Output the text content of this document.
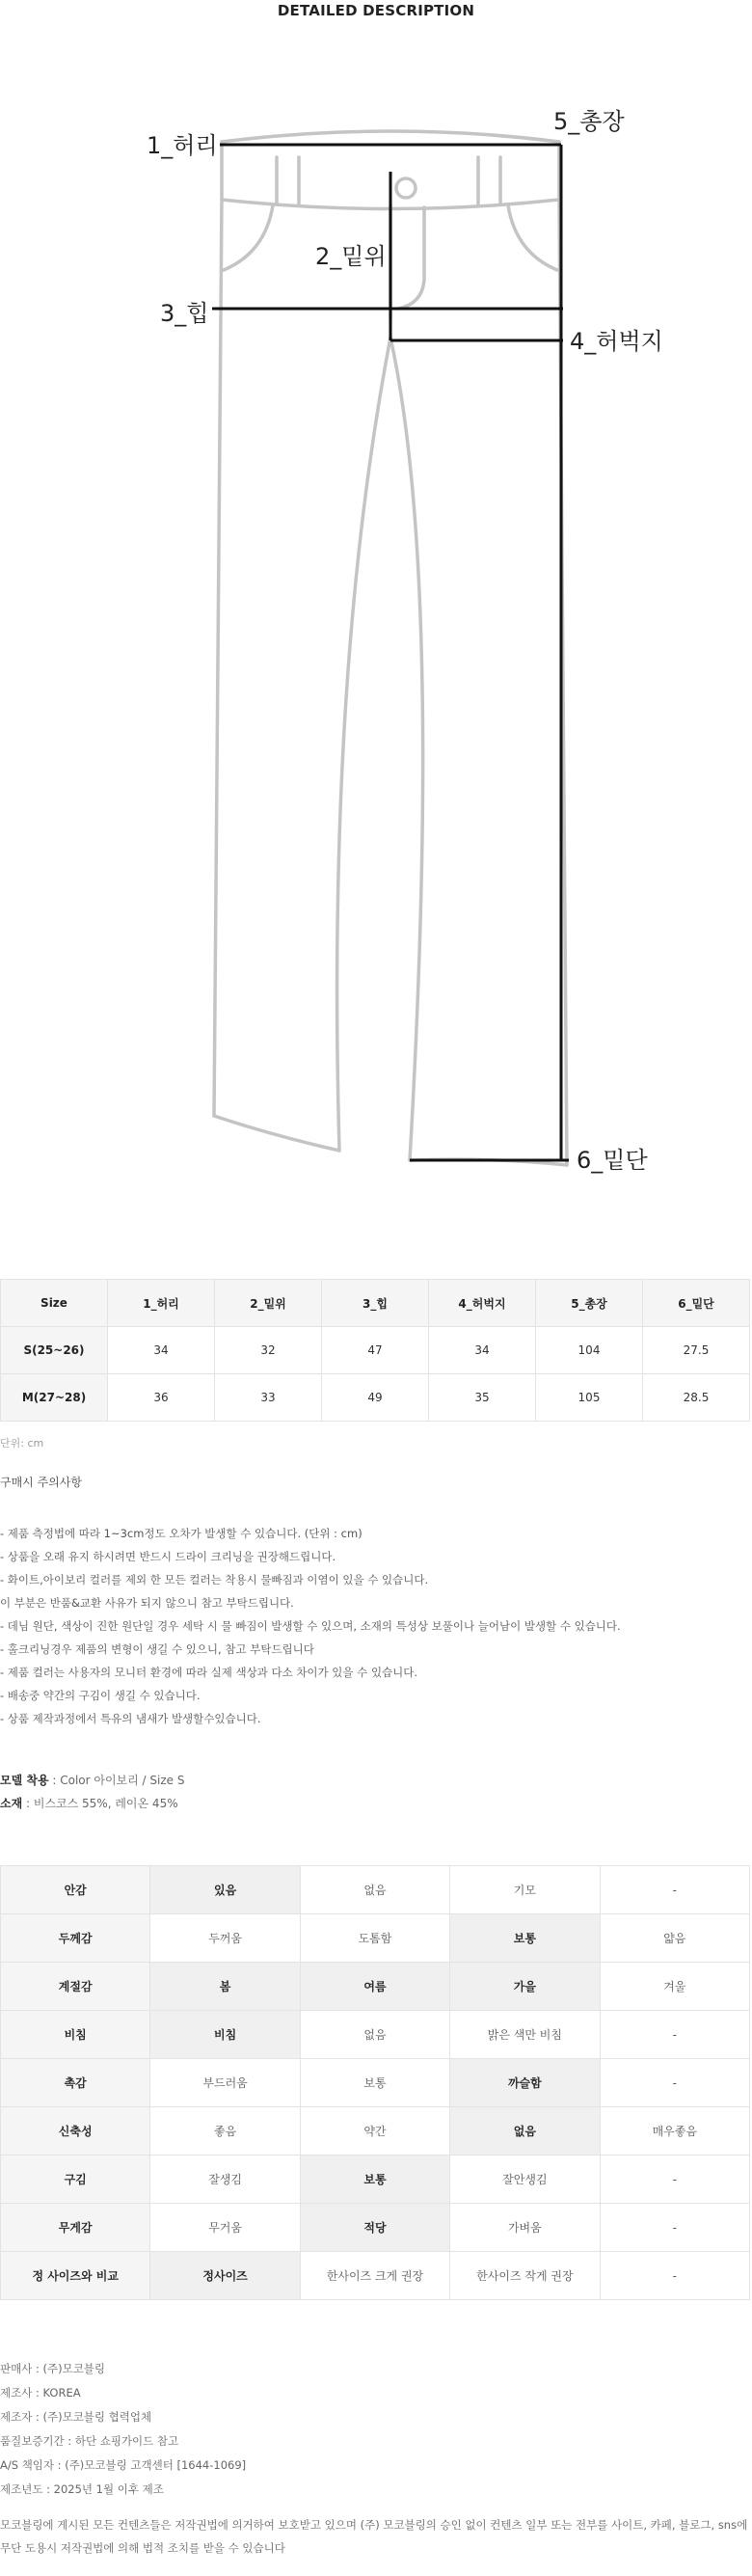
DETAILED DESCRIPTION
1_허리
5_총장
2_밑위
3_힙
4_허벅지
6_밑단
Size	1_허리	2_밑위	3_힙	4_허벅지	5_총장	6_밑단
S(25~26)	34	32	47	34	104	27.5
M(27~28)	36	33	49	35	105	28.5
단위: cm
구매시 주의사항
- 제품 측정법에 따라 1~3cm정도 오차가 발생할 수 있습니다. (단위 : cm)
- 상품을 오래 유지 하시려면 반드시 드라이 크리닝을 권장해드립니다.
- 화이트,아이보리 컬러를 제외 한 모든 컬러는 착용시 물빠짐과 이염이 있을 수 있습니다.
이 부분은 반품&교환 사유가 되지 않으니 참고 부탁드립니다.
- 데님 원단, 색상이 진한 원단일 경우 세탁 시 물 빠짐이 발생할 수 있으며, 소재의 특성상 보풀이나 늘어남이 발생할 수 있습니다.
- 홀크리닝경우 제품의 변형이 생길 수 있으니, 참고 부탁드립니다
- 제품 컬러는 사용자의 모니터 환경에 따라 실제 색상과 다소 차이가 있을 수 있습니다.
- 배송중 약간의 구김이 생길 수 있습니다.
- 상품 제작과정에서 특유의 냄새가 발생할수있습니다.
모델 착용 : Color 아이보리 / Size S
소재 : 비스코스 55%, 레이온 45%
안감	있음	없음	기모	-
두께감	두꺼움	도톰함	보통	얇음
계절감	봄	여름	가을	겨울
비침	비침	없음	밝은 색만 비침	-
촉감	부드러움	보통	까슬함	-
신축성	좋음	약간	없음	매우좋음
구김	잘생김	보통	잘안생김	-
무게감	무거움	적당	가벼움	-
정 사이즈와 비교	정사이즈	한사이즈 크게 권장	한사이즈 작게 권장	-
판매사 : (주)모코블링
제조사 : KOREA
제조자 : (주)모코블링 협력업체
품질보증기간 : 하단 쇼핑가이드 참고
A/S 책임자 : (주)모코블링 고객센터 [1644-1069]
제조년도 : 2025년 1월 이후 제조
모코블링에 게시된 모든 컨텐츠들은 저작권법에 의거하여 보호받고 있으며 (주) 모코블링의 승인 없이 컨텐츠 일부 또는 전부를 사이트, 카페, 블로그, sns에 무단 도용시 저작권법에 의해 법적 조치를 받을 수 있습니다
